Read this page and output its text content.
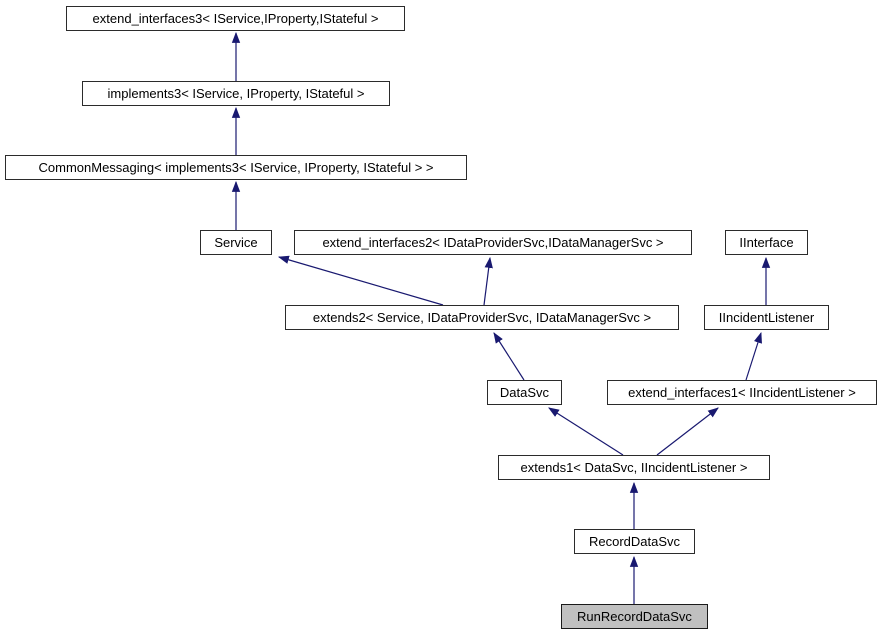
extend_interfaces3< IService,IProperty,IStateful >
implements3< IService, IProperty, IStateful >
CommonMessaging< implements3< IService, IProperty, IStateful > >
Service	extend_interfaces2< IDataProviderSvc,IDataManagerSvc >	IInterface
extends2< Service, IDataProviderSvc, IDataManagerSvc >	IIncidentListener
DataSvc	extend_interfaces1< IIncidentListener >
extends1< DataSvc, IIncidentListener >
RecordDataSvc
RunRecordDataSvc
